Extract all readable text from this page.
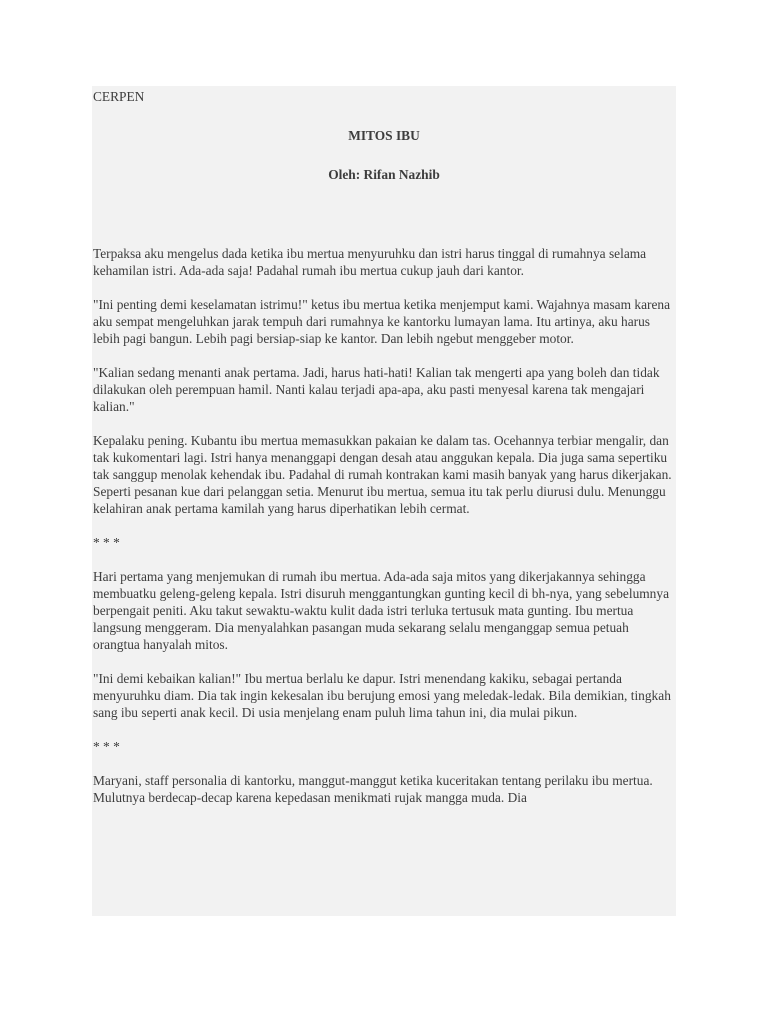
CERPEN

MITOS IBU

Oleh: Rifan Nazhib

Terpaksa aku mengelus dada ketika ibu mertua menyuruhku dan istri harus tinggal di rumahnya selama kehamilan istri. Ada-ada saja! Padahal rumah ibu mertua cukup jauh dari kantor.

"Ini penting demi keselamatan istrimu!" ketus ibu mertua ketika menjemput kami. Wajahnya masam karena aku sempat mengeluhkan jarak tempuh dari rumahnya ke kantorku lumayan lama. Itu artinya, aku harus lebih pagi bangun. Lebih pagi bersiap-siap ke kantor. Dan lebih ngebut menggeber motor.

"Kalian sedang menanti anak pertama. Jadi, harus hati-hati! Kalian tak mengerti apa yang boleh dan tidak dilakukan oleh perempuan hamil. Nanti kalau terjadi apa-apa, aku pasti menyesal karena tak mengajari kalian."

Kepalaku pening. Kubantu ibu mertua memasukkan pakaian ke dalam tas. Ocehannya terbiar mengalir, dan tak kukomentari lagi. Istri hanya menanggapi dengan desah atau anggukan kepala. Dia juga sama sepertiku tak sanggup menolak kehendak ibu. Padahal di rumah kontrakan kami masih banyak yang harus dikerjakan. Seperti pesanan kue dari pelanggan setia. Menurut ibu mertua, semua itu tak perlu diurusi dulu. Menunggu kelahiran anak pertama kamilah yang harus diperhatikan lebih cermat.

* * *

Hari pertama yang menjemukan di rumah ibu mertua. Ada-ada saja mitos yang dikerjakannya sehingga membuatku geleng-geleng kepala. Istri disuruh menggantungkan gunting kecil di bh-nya, yang sebelumnya berpengait peniti. Aku takut sewaktu-waktu kulit dada istri terluka tertusuk mata gunting. Ibu mertua langsung menggeram. Dia menyalahkan pasangan muda sekarang selalu menganggap semua petuah orangtua hanyalah mitos.

"Ini demi kebaikan kalian!" Ibu mertua berlalu ke dapur. Istri menendang kakiku, sebagai pertanda menyuruhku diam. Dia tak ingin kekesalan ibu berujung emosi yang meledak-ledak. Bila demikian, tingkah sang ibu seperti anak kecil. Di usia menjelang enam puluh lima tahun ini, dia mulai pikun.

* * *

Maryani, staff personalia di kantorku, manggut-manggut ketika kuceritakan tentang perilaku ibu mertua. Mulutnya berdecap-decap karena kepedasan menikmati rujak mangga muda. Dia
